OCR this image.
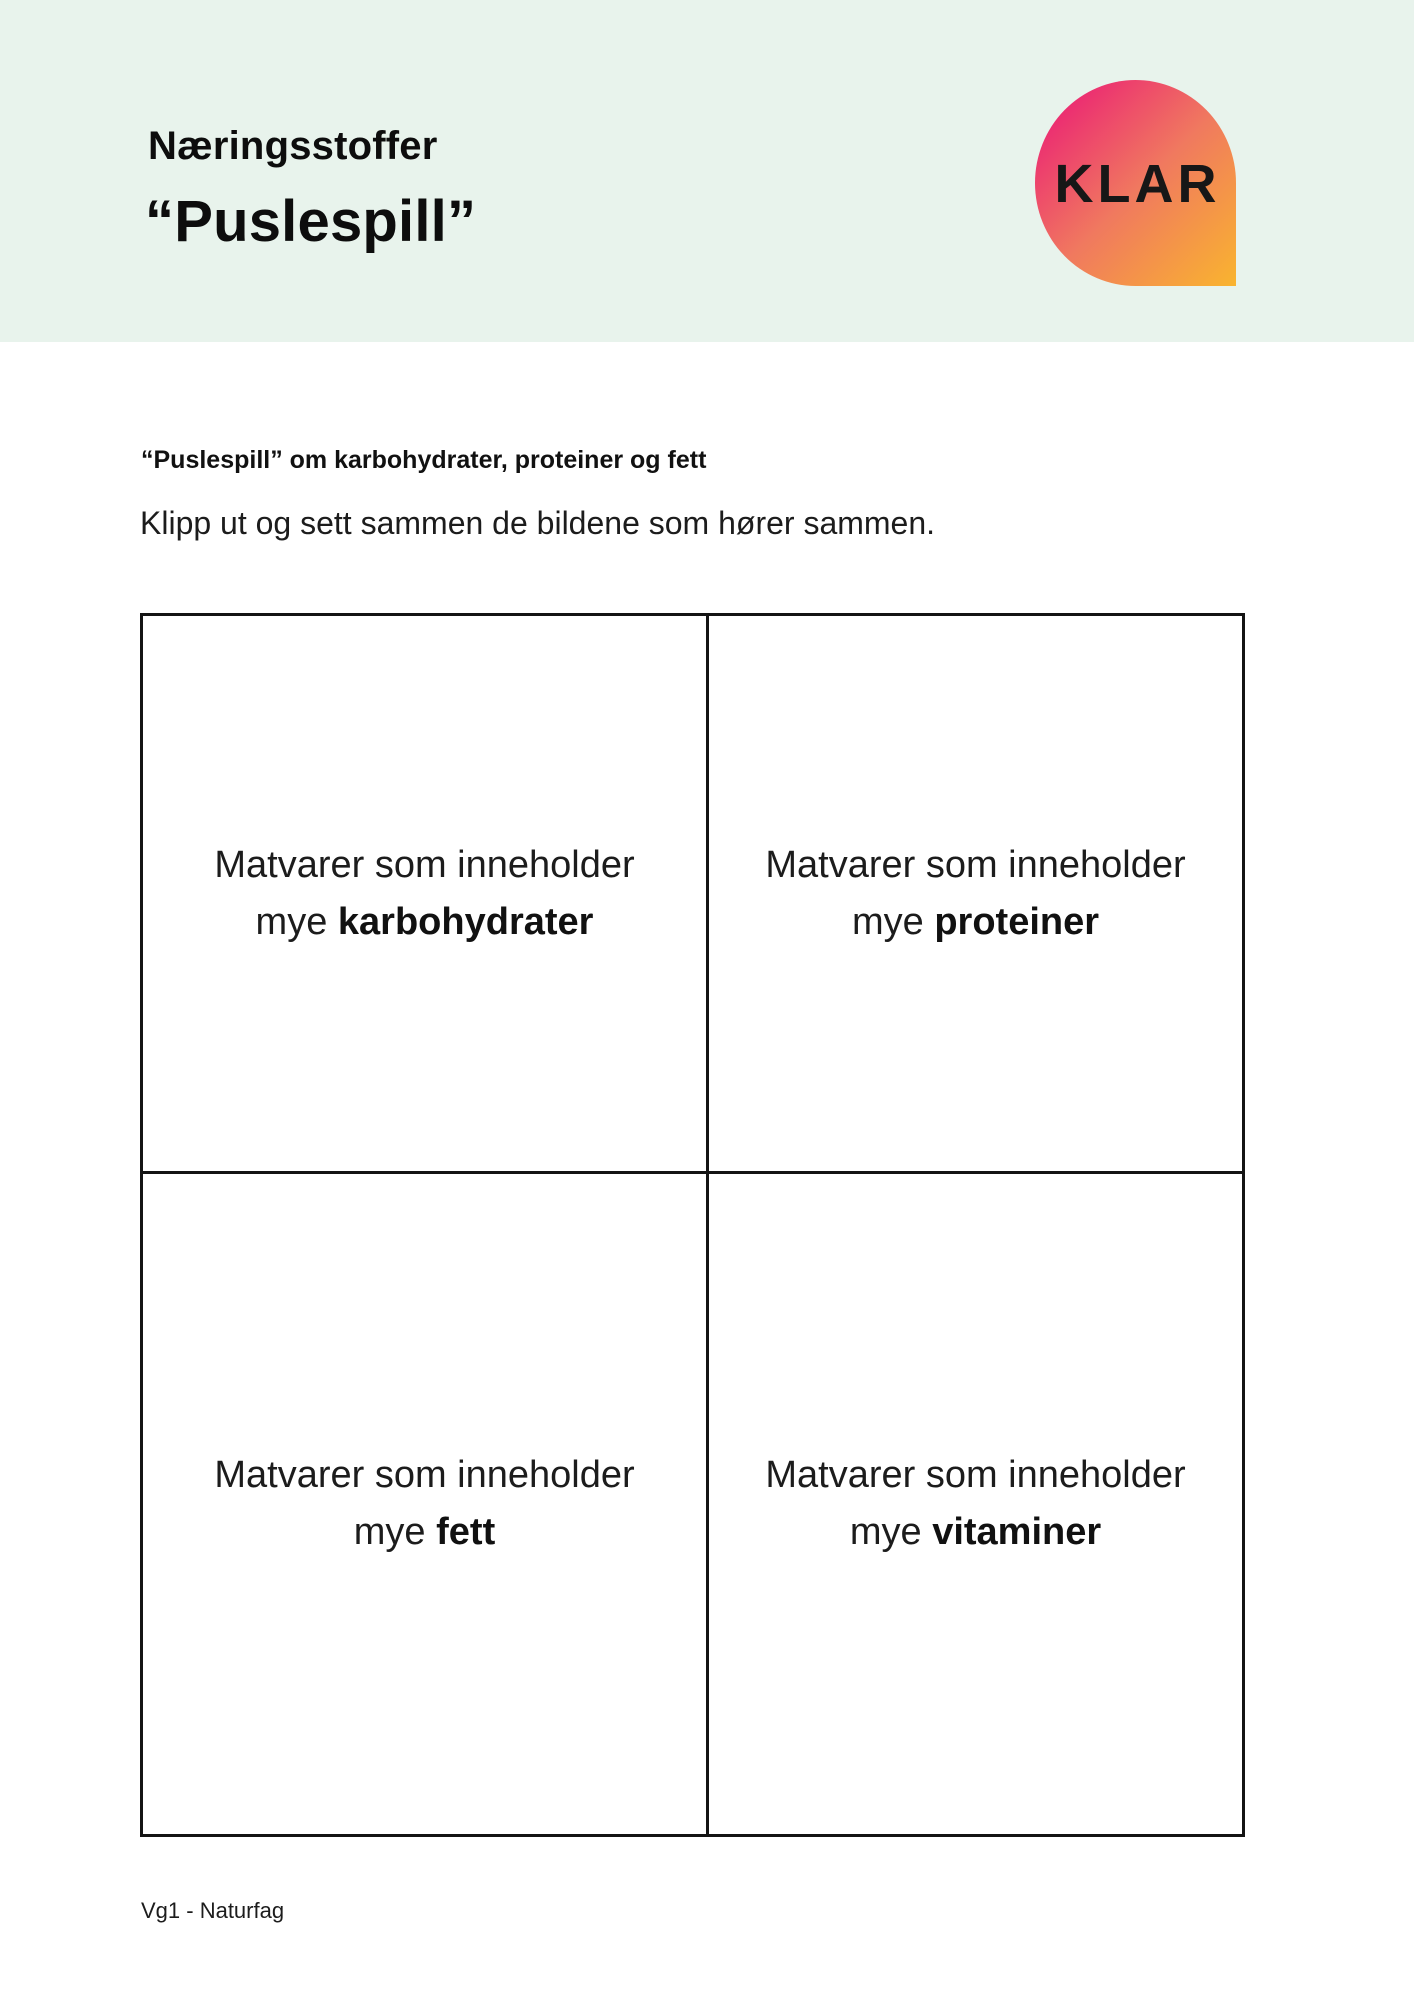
Næringsstoffer

“Puslespill”
KLAR

“Puslespill” om karbohydrater, proteiner og fett

Klipp ut og sett sammen de bildene som hører sammen.

Matvarer som inneholder
mye karbohydrater

Matvarer som inneholder
mye proteiner

Matvarer som inneholder
mye fett

Matvarer som inneholder
mye vitaminer

Vg1 - Naturfag
